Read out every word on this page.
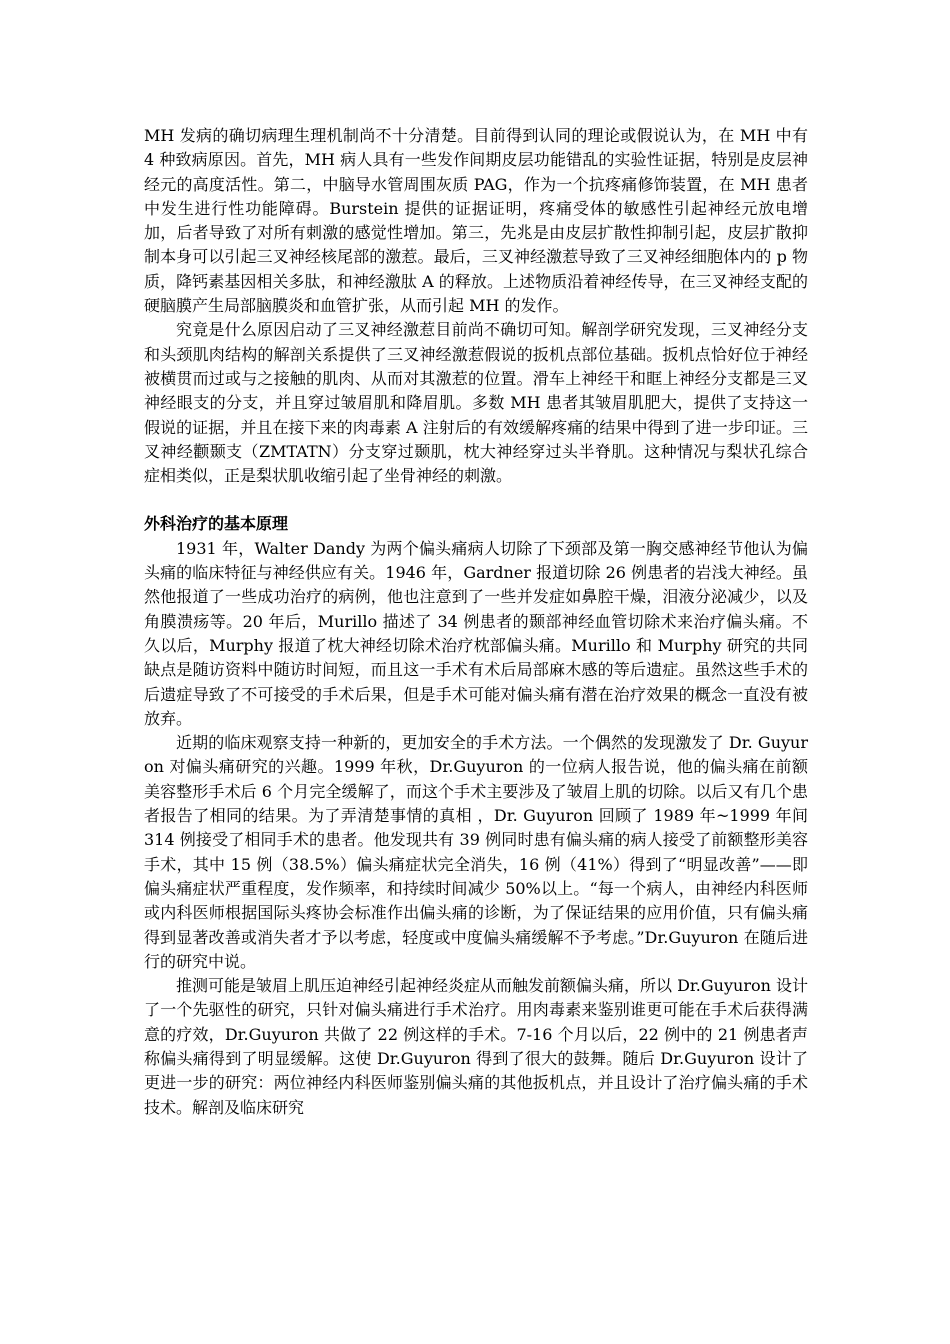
MH 发病的确切病理生理机制尚不十分清楚。目前得到认同的理论或假说认为，在 MH 中有 4 种致病原因。首先，MH 病人具有一些发作间期皮层功能错乱的实验性证据，特别是皮层神经元的高度活性。第二，中脑导水管周围灰质 PAG，作为一个抗疼痛修饰装置，在 MH 患者中发生进行性功能障碍。Burstein 提供的证据证明，疼痛受体的敏感性引起神经元放电增加，后者导致了对所有刺激的感觉性增加。第三，先兆是由皮层扩散性抑制引起，皮层扩散抑制本身可以引起三叉神经核尾部的激惹。最后，三叉神经激惹导致了三叉神经细胞体内的 p 物质，降钙素基因相关多肽，和神经激肽 A 的释放。上述物质沿着神经传导，在三叉神经支配的硬脑膜产生局部脑膜炎和血管扩张，从而引起 MH 的发作。

究竟是什么原因启动了三叉神经激惹目前尚不确切可知。解剖学研究发现，三叉神经分支和头颈肌肉结构的解剖关系提供了三叉神经激惹假说的扳机点部位基础。扳机点恰好位于神经被横贯而过或与之接触的肌肉、从而对其激惹的位置。滑车上神经干和眶上神经分支都是三叉神经眼支的分支，并且穿过皱眉肌和降眉肌。多数 MH 患者其皱眉肌肥大，提供了支持这一假说的证据，并且在接下来的肉毒素 A 注射后的有效缓解疼痛的结果中得到了进一步印证。三叉神经颧颞支（ZMTATN）分支穿过颞肌，枕大神经穿过头半脊肌。这种情况与梨状孔综合症相类似，正是梨状肌收缩引起了坐骨神经的刺激。

外科治疗的基本原理

1931 年，Walter Dandy 为两个偏头痛病人切除了下颈部及第一胸交感神经节他认为偏头痛的临床特征与神经供应有关。1946 年，Gardner 报道切除 26 例患者的岩浅大神经。虽然他报道了一些成功治疗的病例，他也注意到了一些并发症如鼻腔干燥，泪液分泌减少，以及角膜溃疡等。20 年后，Murillo 描述了 34 例患者的颞部神经血管切除术来治疗偏头痛。不久以后，Murphy 报道了枕大神经切除术治疗枕部偏头痛。Murillo 和 Murphy 研究的共同缺点是随访资料中随访时间短，而且这一手术有术后局部麻木感的等后遗症。虽然这些手术的后遗症导致了不可接受的手术后果，但是手术可能对偏头痛有潜在治疗效果的概念一直没有被放弃。

近期的临床观察支持一种新的，更加安全的手术方法。一个偶然的发现激发了 Dr. Guyuron 对偏头痛研究的兴趣。1999 年秋，Dr.Guyuron 的一位病人报告说，他的偏头痛在前额美容整形手术后 6 个月完全缓解了，而这个手术主要涉及了皱眉上肌的切除。以后又有几个患者报告了相同的结果。为了弄清楚事情的真相 ，Dr. Guyuron 回顾了 1989 年~1999 年间 314 例接受了相同手术的患者。他发现共有 39 例同时患有偏头痛的病人接受了前额整形美容手术，其中 15 例（38.5%）偏头痛症状完全消失，16 例（41%）得到了“明显改善”——即偏头痛症状严重程度，发作频率，和持续时间减少 50%以上。“每一个病人，由神经内科医师或内科医师根据国际头疼协会标准作出偏头痛的诊断，为了保证结果的应用价值，只有偏头痛得到显著改善或消失者才予以考虑，轻度或中度偏头痛缓解不予考虑。”Dr.Guyuron 在随后进行的研究中说。

推测可能是皱眉上肌压迫神经引起神经炎症从而触发前额偏头痛，所以 Dr.Guyuron 设计了一个先驱性的研究，只针对偏头痛进行手术治疗。用肉毒素来鉴别谁更可能在手术后获得满意的疗效，Dr.Guyuron 共做了 22 例这样的手术。7-16 个月以后，22 例中的 21 例患者声称偏头痛得到了明显缓解。这使 Dr.Guyuron 得到了很大的鼓舞。随后 Dr.Guyuron 设计了更进一步的研究：两位神经内科医师鉴别偏头痛的其他扳机点，并且设计了治疗偏头痛的手术技术。解剖及临床研究
